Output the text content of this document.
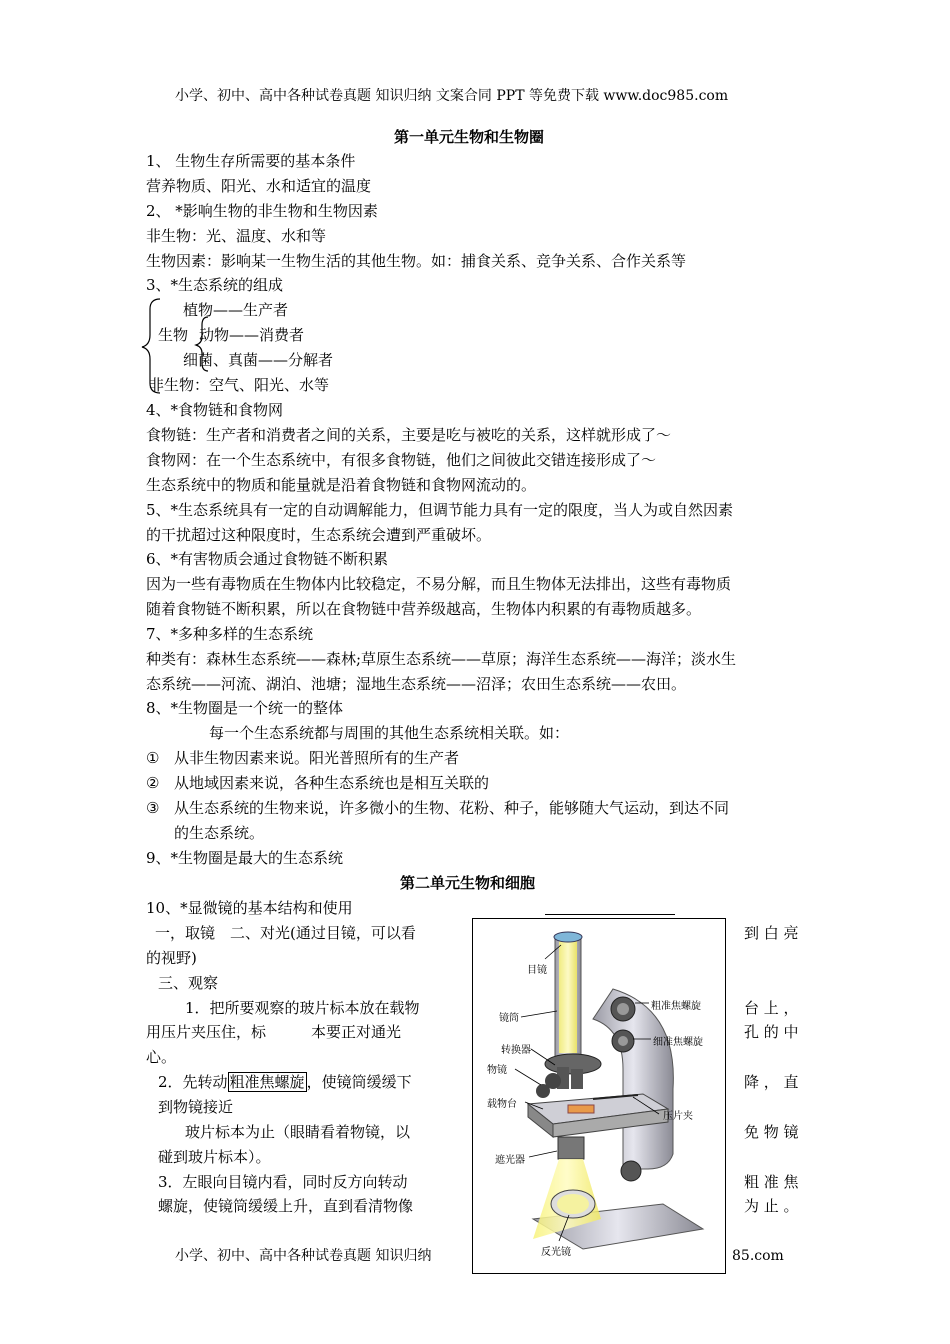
小学、初中、高中各种试卷真题 知识归纳 文案合同 PPT 等免费下载 www.doc985.com
第一单元生物和生物圈
1、 生物生存所需要的基本条件
营养物质、阳光、水和适宜的温度
2、 *影响生物的非生物和生物因素
非生物：光、温度、水和等
生物因素：影响某一生物生活的其他生物。如：捕食关系、竞争关系、合作关系等
3、*生态系统的组成
植物——生产者
生物 动物——消费者
细菌、真菌——分解者
非生物：空气、阳光、水等
4、*食物链和食物网
食物链：生产者和消费者之间的关系，主要是吃与被吃的关系，这样就形成了～
食物网：在一个生态系统中，有很多食物链，他们之间彼此交错连接形成了～
生态系统中的物质和能量就是沿着食物链和食物网流动的。
5、*生态系统具有一定的自动调解能力，但调节能力具有一定的限度，当人为或自然因素
的干扰超过这种限度时，生态系统会遭到严重破坏。
6、*有害物质会通过食物链不断积累
因为一些有毒物质在生物体内比较稳定，不易分解，而且生物体无法排出，这些有毒物质
随着食物链不断积累，所以在食物链中营养级越高，生物体内积累的有毒物质越多。
7、*多种多样的生态系统
种类有：森林生态系统——森林;草原生态系统——草原；海洋生态系统——海洋；淡水生
态系统——河流、湖泊、池塘；湿地生态系统——沼泽；农田生态系统——农田。
8、*生物圈是一个统一的整体
每一个生态系统都与周围的其他生态系统相关联。如：
① 从非生物因素来说。阳光普照所有的生产者
② 从地域因素来说，各种生态系统也是相互关联的
③ 从生态系统的生物来说，许多微小的生物、花粉、种子，能够随大气运动，到达不同
的生态系统。
9、*生物圈是最大的生态系统
第二单元生物和细胞
10、*显微镜的基本结构和使用
一，取镜　二、对光(通过目镜，可以看	到 白 亮
的视野)
三、观察
1．把所要观察的玻片标本放在载物	台 上 ，
用压片夹压住，标　　　本要正对通光	孔 的 中
心。
2．先转动 粗准焦螺旋 ，使镜筒缓缓下	降 ， 直
到物镜接近
玻片标本为止（眼睛看着物镜，以	免 物 镜
碰到玻片标本）。
3．左眼向目镜内看，同时反方向转动	粗 准 焦
螺旋，使镜筒缓缓上升，直到看清物像	为 止 。
小学、初中、高中各种试卷真题 知识归纳	85.com
目镜
镜筒
粗准焦螺旋
细准焦螺旋
转换器
物镜
载物台
压片夹
遮光器
反光镜
